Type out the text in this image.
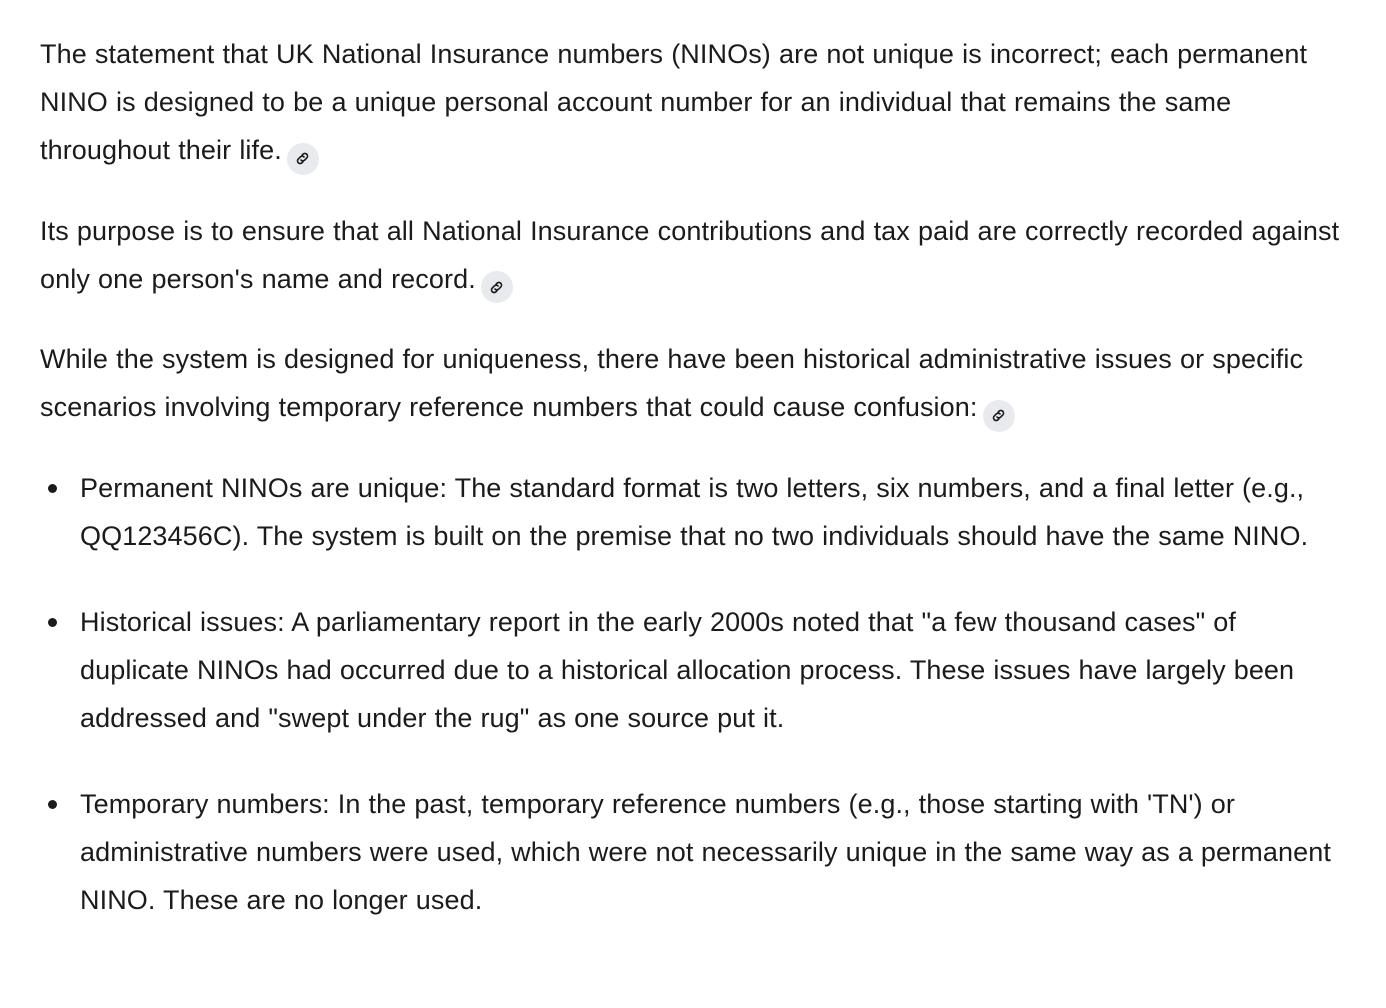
The statement that UK National Insurance numbers (NINOs) are not unique is incorrect; each permanent NINO is designed to be a unique personal account number for an individual that remains the same throughout their life.

Its purpose is to ensure that all National Insurance contributions and tax paid are correctly recorded against only one person's name and record.

While the system is designed for uniqueness, there have been historical administrative issues or specific scenarios involving temporary reference numbers that could cause confusion:

Permanent NINOs are unique: The standard format is two letters, six numbers, and a final letter (e.g., QQ123456C). The system is built on the premise that no two individuals should have the same NINO.
Historical issues: A parliamentary report in the early 2000s noted that "a few thousand cases" of duplicate NINOs had occurred due to a historical allocation process. These issues have largely been addressed and "swept under the rug" as one source put it.
Temporary numbers: In the past, temporary reference numbers (e.g., those starting with 'TN') or administrative numbers were used, which were not necessarily unique in the same way as a permanent NINO. These are no longer used.
